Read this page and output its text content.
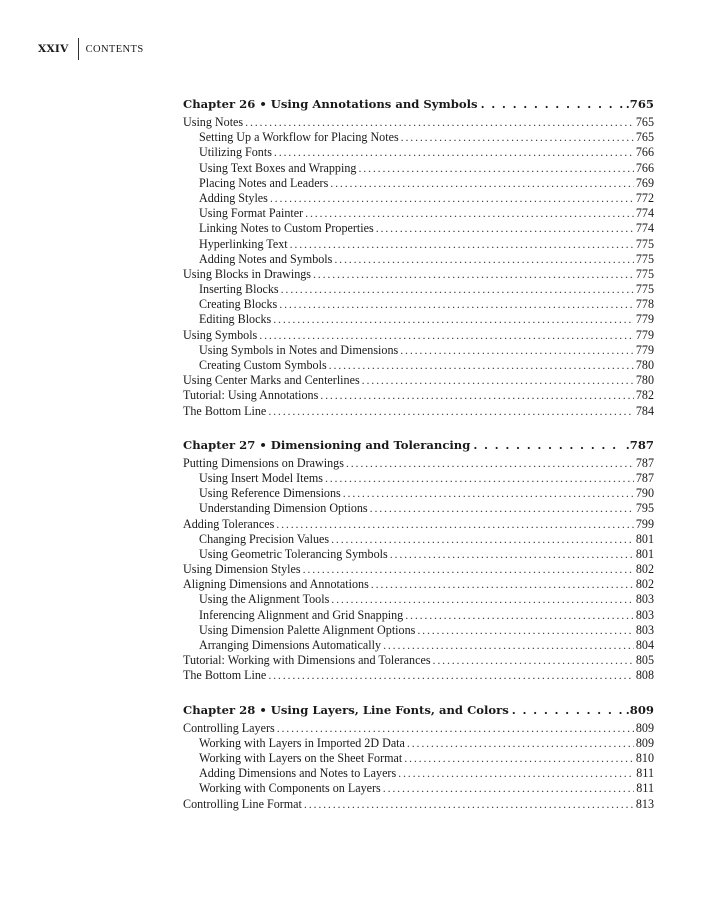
XXIV	CONTENTS
Chapter 26 • Using Annotations and Symbols . . .	.765
Using Notes . . .	765
Setting Up a Workflow for Placing Notes . . .	765
Utilizing Fonts . . .	766
Using Text Boxes and Wrapping . . .	766
Placing Notes and Leaders . . .	769
Adding Styles . . .	772
Using Format Painter . . .	774
Linking Notes to Custom Properties . . .	774
Hyperlinking Text . . .	775
Adding Notes and Symbols . . .	775
Using Blocks in Drawings . . .	775
Inserting Blocks . . .	775
Creating Blocks . . .	778
Editing Blocks . . .	779
Using Symbols . . .	779
Using Symbols in Notes and Dimensions . . .	779
Creating Custom Symbols . . .	780
Using Center Marks and Centerlines . . .	780
Tutorial: Using Annotations . . .	782
The Bottom Line . . .	784
Chapter 27 • Dimensioning and Tolerancing . . .	.787
Putting Dimensions on Drawings . . .	787
Using Insert Model Items . . .	787
Using Reference Dimensions . . .	790
Understanding Dimension Options . . .	795
Adding Tolerances . . .	799
Changing Precision Values . . .	801
Using Geometric Tolerancing Symbols . . .	801
Using Dimension Styles . . .	802
Aligning Dimensions and Annotations . . .	802
Using the Alignment Tools . . .	803
Inferencing Alignment and Grid Snapping . . .	803
Using Dimension Palette Alignment Options . . .	803
Arranging Dimensions Automatically . . .	804
Tutorial: Working with Dimensions and Tolerances . . .	805
The Bottom Line . . .	808
Chapter 28 • Using Layers, Line Fonts, and Colors . . .	.809
Controlling Layers . . .	809
Working with Layers in Imported 2D Data . . .	809
Working with Layers on the Sheet Format . . .	810
Adding Dimensions and Notes to Layers . . .	811
Working with Components on Layers . . .	811
Controlling Line Format . . .	813
